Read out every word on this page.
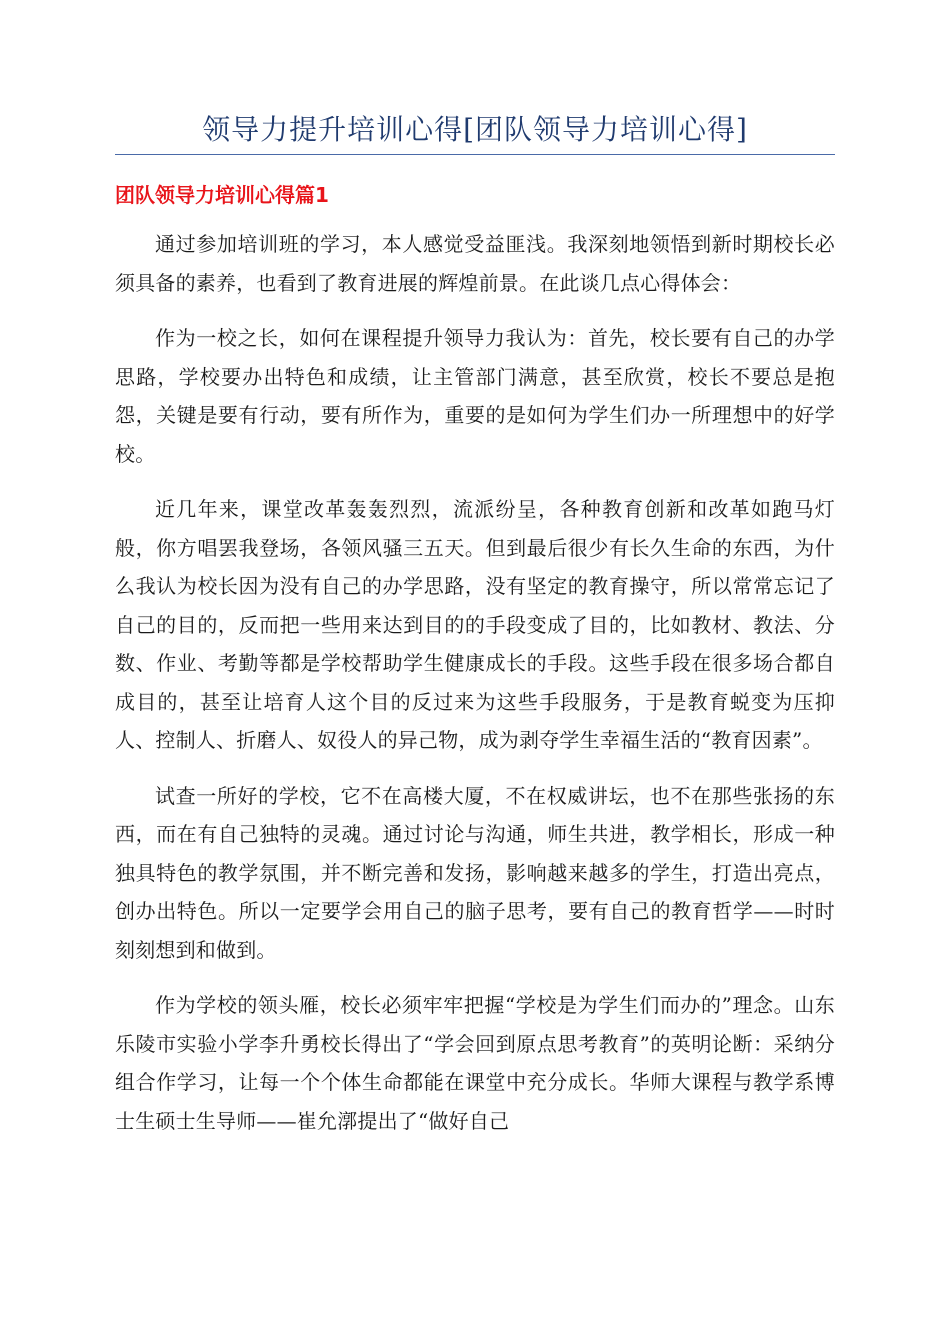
领导力提升培训心得[团队领导力培训心得]
团队领导力培训心得篇1

通过参加培训班的学习，本人感觉受益匪浅。我深刻地领悟到新时期校长必须具备的素养，也看到了教育进展的辉煌前景。在此谈几点心得体会：

作为一校之长，如何在课程提升领导力我认为：首先，校长要有自己的办学思路，学校要办出特色和成绩，让主管部门满意，甚至欣赏，校长不要总是抱怨，关键是要有行动，要有所作为，重要的是如何为学生们办一所理想中的好学校。

近几年来，课堂改革轰轰烈烈，流派纷呈，各种教育创新和改革如跑马灯般，你方唱罢我登场，各领风骚三五天。但到最后很少有长久生命的东西，为什么我认为校长因为没有自己的办学思路，没有坚定的教育操守，所以常常忘记了自己的目的，反而把一些用来达到目的的手段变成了目的，比如教材、教法、分数、作业、考勤等都是学校帮助学生健康成长的手段。这些手段在很多场合都自成目的，甚至让培育人这个目的反过来为这些手段服务，于是教育蜕变为压抑人、控制人、折磨人、奴役人的异己物，成为剥夺学生幸福生活的“教育因素”。

试查一所好的学校，它不在高楼大厦，不在权威讲坛，也不在那些张扬的东西，而在有自己独特的灵魂。通过讨论与沟通，师生共进，教学相长，形成一种独具特色的教学氛围，并不断完善和发扬，影响越来越多的学生，打造出亮点，创办出特色。所以一定要学会用自己的脑子思考，要有自己的教育哲学——时时刻刻想到和做到。

作为学校的领头雁，校长必须牢牢把握“学校是为学生们而办的”理念。山东乐陵市实验小学李升勇校长得出了“学会回到原点思考教育”的英明论断：采纳分组合作学习，让每一个个体生命都能在课堂中充分成长。华师大课程与教学系博士生硕士生导师——崔允漷提出了“做好自己
